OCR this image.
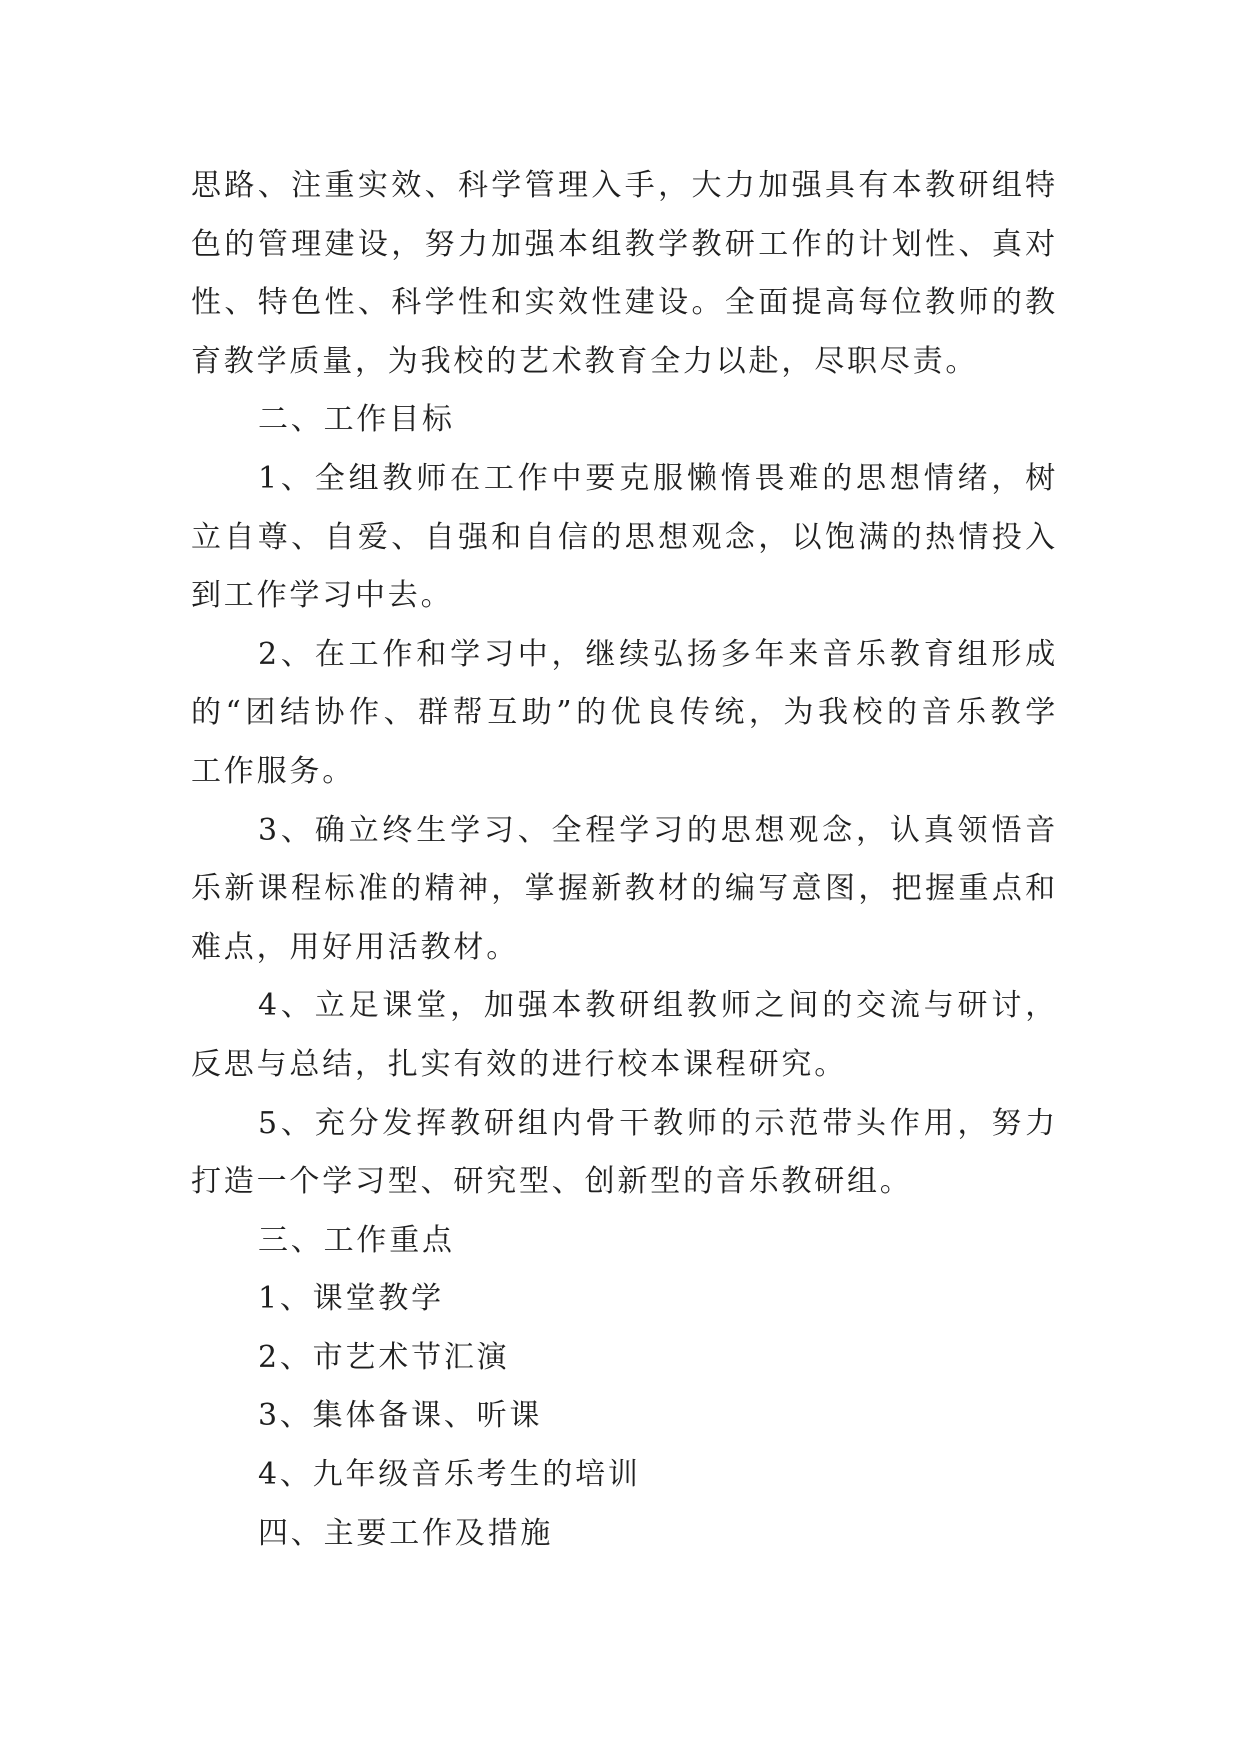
思路、注重实效、科学管理入手，大力加强具有本教研组特
色的管理建设，努力加强本组教学教研工作的计划性、真对
性、特色性、科学性和实效性建设。全面提高每位教师的教
育教学质量，为我校的艺术教育全力以赴，尽职尽责。
二、工作目标
1、全组教师在工作中要克服懒惰畏难的思想情绪，树
立自尊、自爱、自强和自信的思想观念，以饱满的热情投入
到工作学习中去。
2、在工作和学习中，继续弘扬多年来音乐教育组形成
的“团结协作、群帮互助”的优良传统，为我校的音乐教学
工作服务。
3、确立终生学习、全程学习的思想观念，认真领悟音
乐新课程标准的精神，掌握新教材的编写意图，把握重点和
难点，用好用活教材。
4、立足课堂，加强本教研组教师之间的交流与研讨，
反思与总结，扎实有效的进行校本课程研究。
5、充分发挥教研组内骨干教师的示范带头作用，努力
打造一个学习型、研究型、创新型的音乐教研组。
三、工作重点
1、课堂教学
2、市艺术节汇演
3、集体备课、听课
4、九年级音乐考生的培训
四、主要工作及措施
